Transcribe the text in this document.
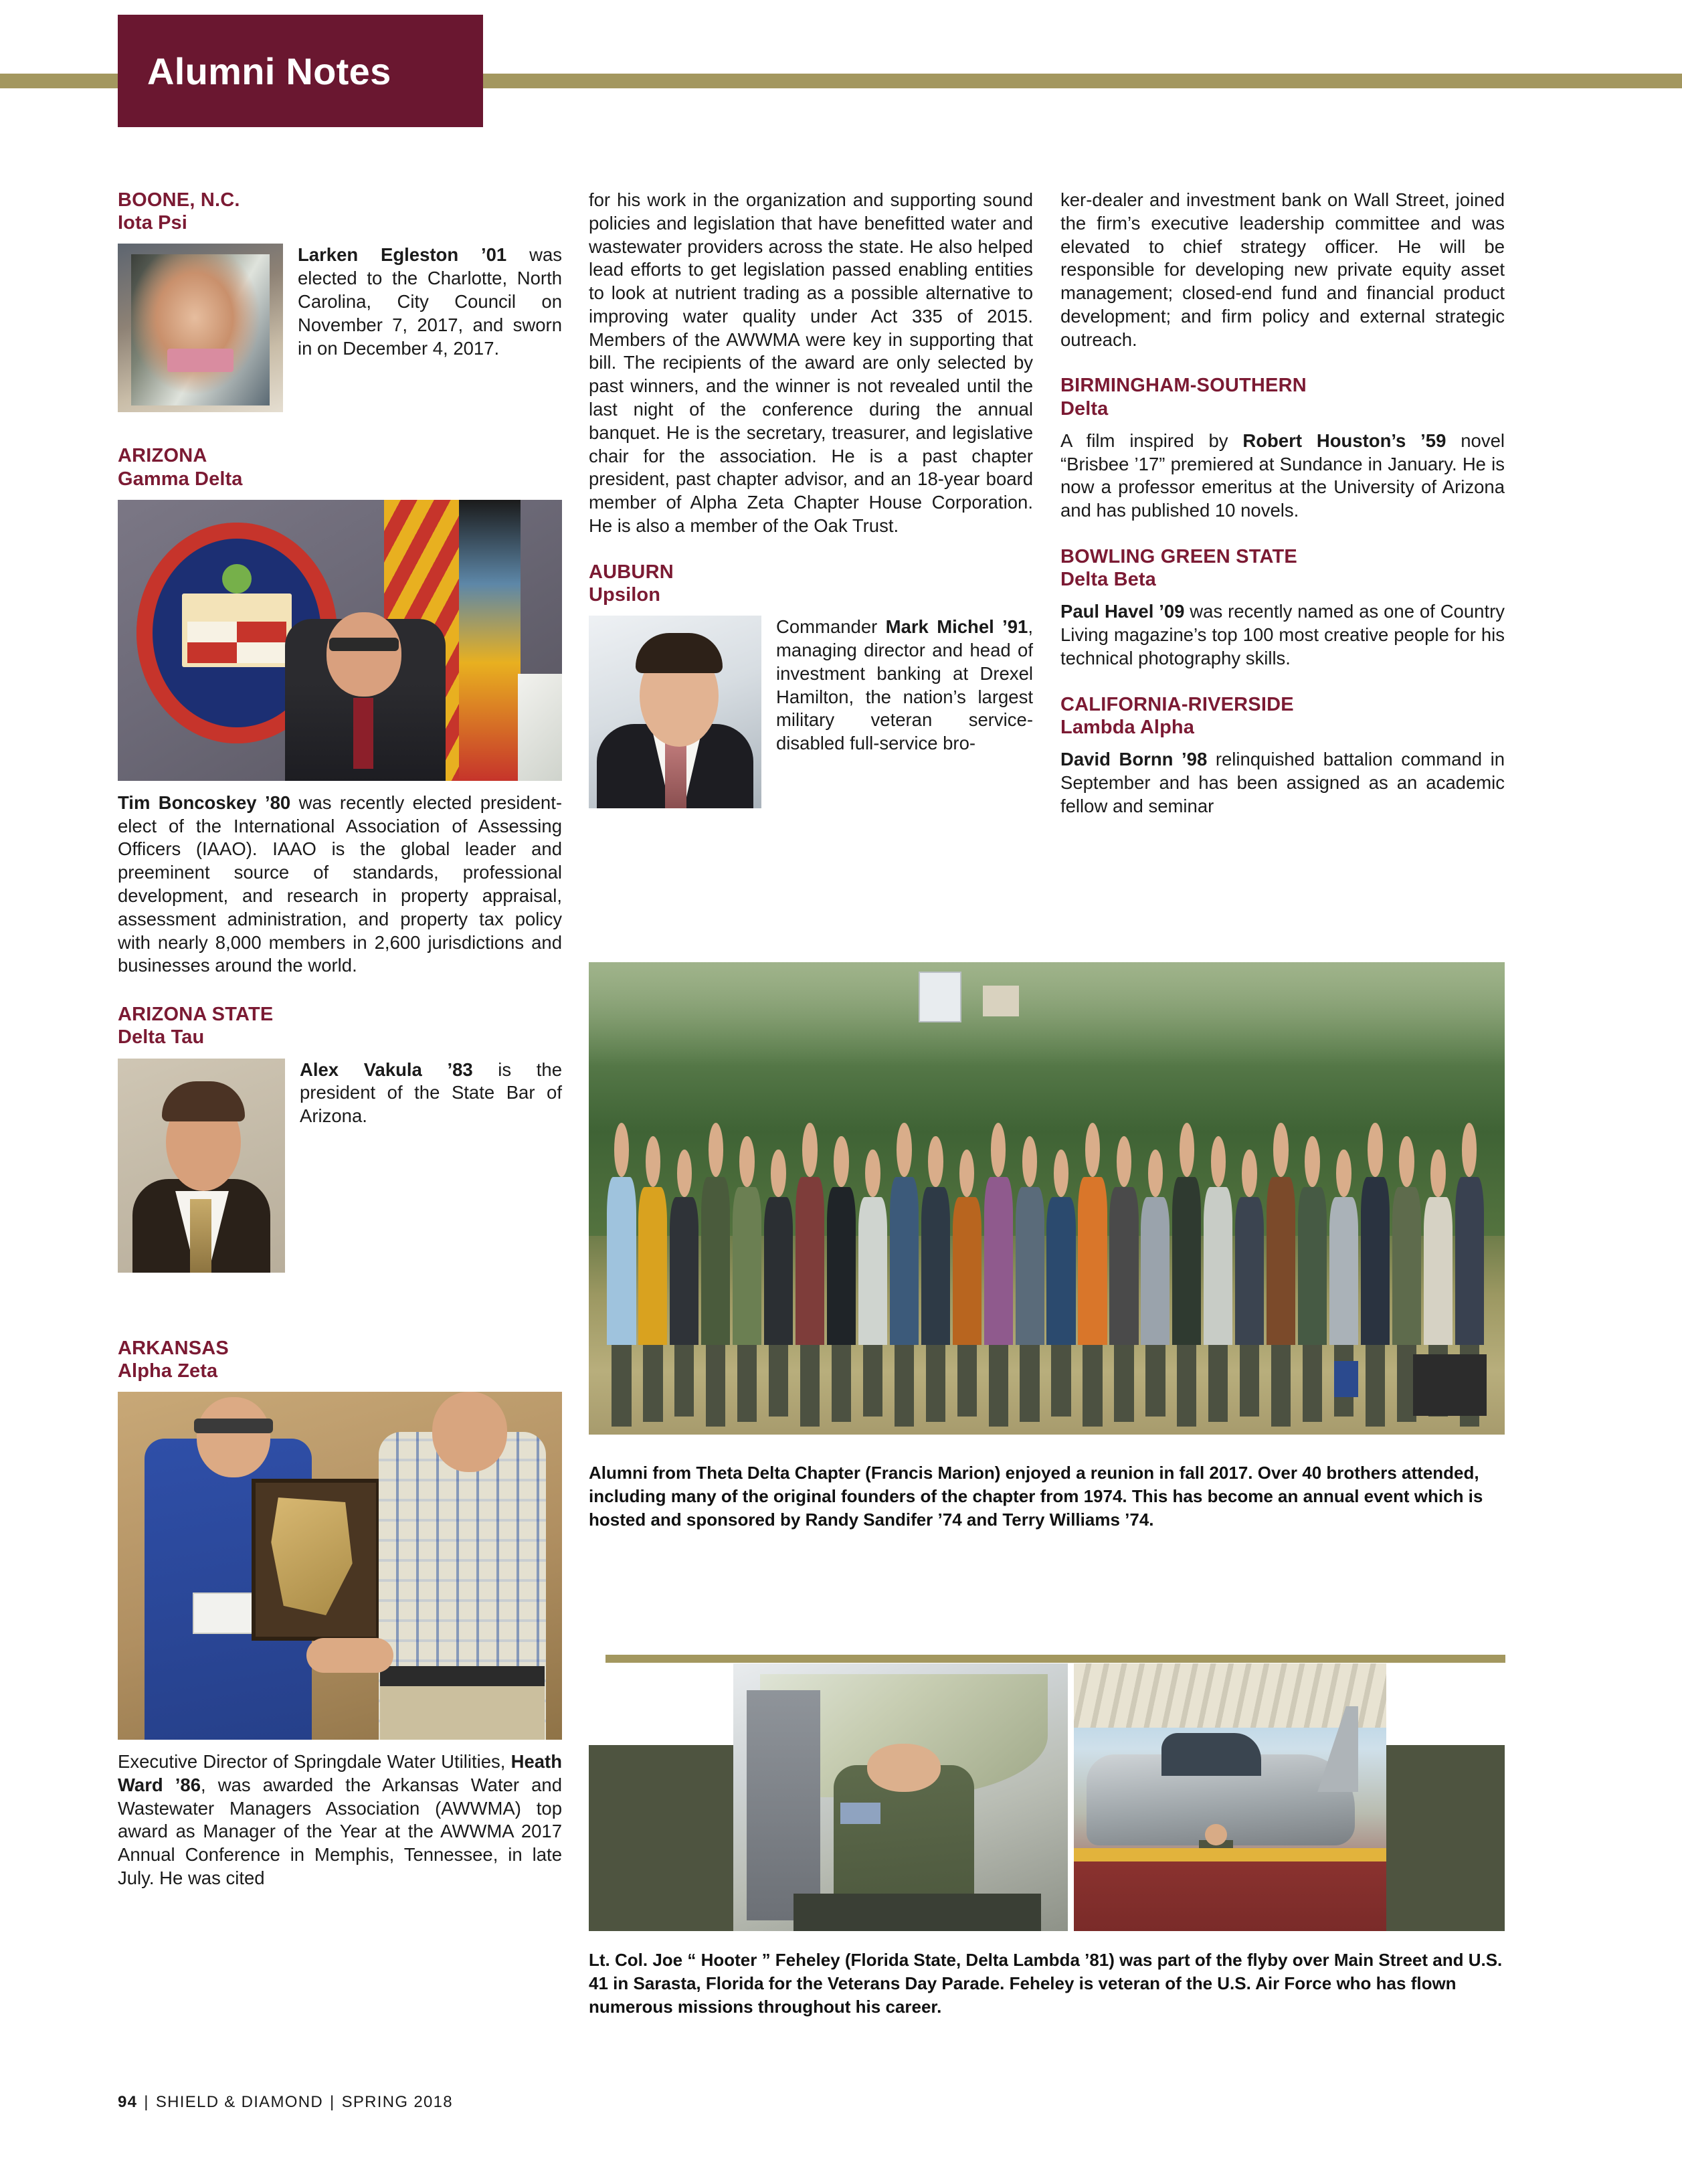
Alumni Notes

BOONE, N.C.

Iota Psi

Larken Egleston ’01 was elected to the Charlotte, North Carolina, City Council on November 7, 2017, and sworn in on December 4, 2017.

ARIZONA

Gamma Delta

Tim Boncoskey ’80 was recently elected president-elect of the International Association of Assessing Officers (IAAO). IAAO is the global leader and preeminent source of standards, professional development, and research in property appraisal, assessment administration, and property tax policy with nearly 8,000 members in 2,600 jurisdictions and businesses around the world.

ARIZONA STATE

Delta Tau

Alex Vakula ’83 is the president of the State Bar of Arizona.

ARKANSAS

Alpha Zeta

Executive Director of Springdale Water Utilities, Heath Ward ’86, was awarded the Arkansas Water and Wastewater Managers Association (AWWMA) top award as Manager of the Year at the AWWMA 2017 Annual Conference in Memphis, Tennessee, in late July. He was cited

for his work in the organization and supporting sound policies and legislation that have benefitted water and wastewater providers across the state. He also helped lead efforts to get legislation passed enabling entities to look at nutrient trading as a possible alternative to improving water quality under Act 335 of 2015. Members of the AWWMA were key in supporting that bill. The recipients of the award are only selected by past winners, and the winner is not revealed until the last night of the conference during the annual banquet. He is the secretary, treasurer, and legislative chair for the association. He is a past chapter president, past chapter advisor, and an 18-year board member of Alpha Zeta Chapter House Corporation. He is also a member of the Oak Trust.

AUBURN

Upsilon

Commander Mark Michel ’91, managing director and head of investment banking at Drexel Hamilton, the nation’s largest military veteran service-disabled full-service bro-

ker-dealer and investment bank on Wall Street, joined the firm’s executive leadership committee and was elevated to chief strategy officer. He will be responsible for developing new private equity asset management; closed-end fund and financial product development; and firm policy and external strategic outreach.

BIRMINGHAM-SOUTHERN

Delta

A film inspired by Robert Houston’s ’59 novel “Brisbee ’17” premiered at Sundance in January. He is now a professor emeritus at the University of Arizona and has published 10 novels.

BOWLING GREEN STATE

Delta Beta

Paul Havel ’09 was recently named as one of Country Living magazine’s top 100 most creative people for his technical photography skills.

CALIFORNIA-RIVERSIDE

Lambda Alpha

David Bornn ’98 relinquished battalion command in September and has been assigned as an academic fellow and seminar

Alumni from Theta Delta Chapter (Francis Marion) enjoyed a reunion in fall 2017. Over 40 brothers attended, including many of the original founders of the chapter from 1974. This has become an annual event which is hosted and sponsored by Randy Sandifer ’74 and Terry Williams ’74.

Lt. Col. Joe “ Hooter ” Feheley (Florida State, Delta Lambda ’81) was part of the flyby over Main Street and U.S. 41 in Sarasta, Florida for the Veterans Day Parade. Feheley is veteran of the U.S. Air Force who has flown numerous missions throughout his career.

94 | SHIELD & DIAMOND | SPRING 2018
